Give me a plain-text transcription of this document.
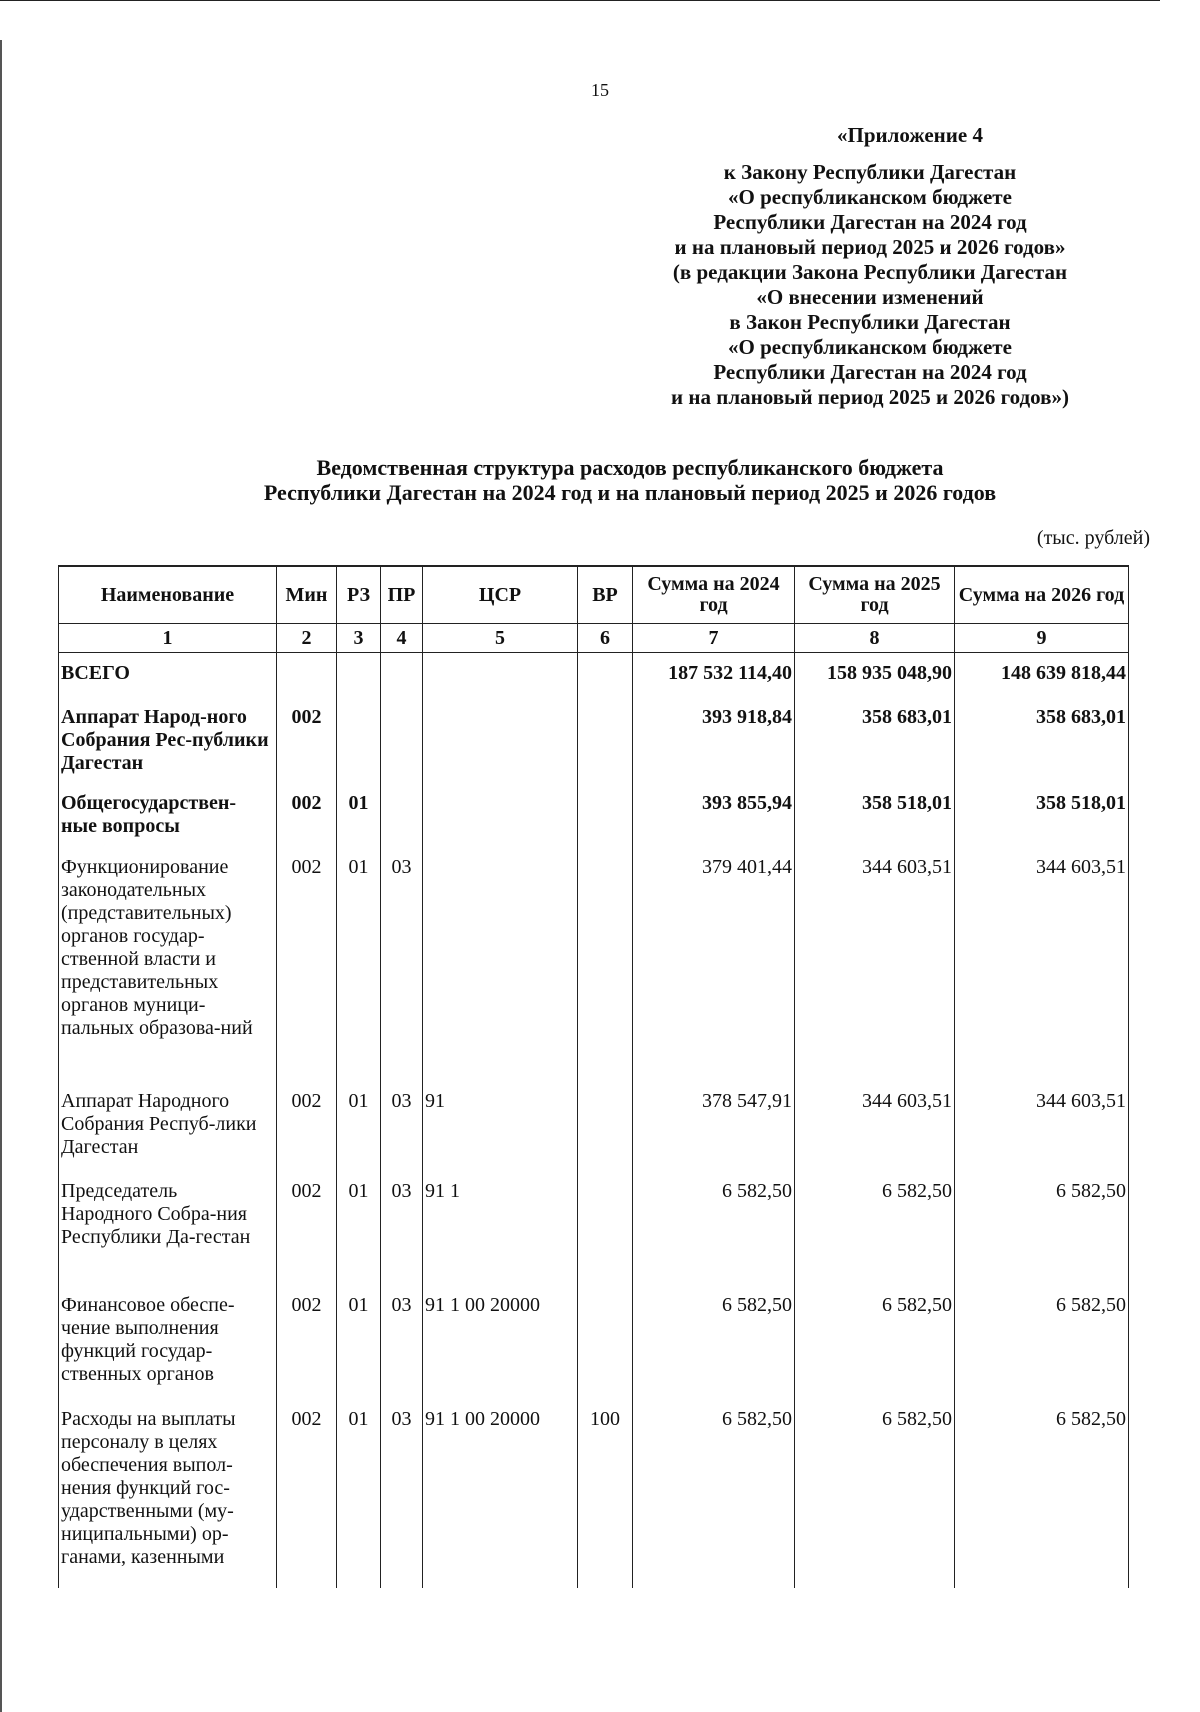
15
«Приложение 4
к Закону Республики Дагестан
«О республиканском бюджете
Республики Дагестан на 2024 год
и на плановый период 2025 и 2026 годов»
(в редакции Закона Республики Дагестан
«О внесении изменений
в Закон Республики Дагестан
«О республиканском бюджете
Республики Дагестан на 2024 год
и на плановый период 2025 и 2026 годов»)
Ведомственная структура расходов республиканского бюджета
Республики Дагестан на 2024 год и на плановый период 2025 и 2026 годов
(тыс. рублей)
Наименование	Мин	РЗ	ПР	ЦСР	ВР	Сумма на 2024 год	Сумма на 2025 год	Сумма на 2026 год
1	2	3	4	5	6	7	8	9
ВСЕГО						187 532 114,40	158 935 048,90	148 639 818,44
Аппарат Народ-ного Собрания Рес-публики Дагестан	002					393 918,84	358 683,01	358 683,01
Общегосударствен-ные вопросы	002	01				393 855,94	358 518,01	358 518,01
Функционирование законодательных (представительных) органов государ-ственной власти и представительных органов муници-пальных образова-ний	002	01	03			379 401,44	344 603,51	344 603,51
Аппарат Народного Собрания Респуб-лики Дагестан	002	01	03	91		378 547,91	344 603,51	344 603,51
Председатель Народного Собра-ния Республики Да-гестан	002	01	03	91 1		6 582,50	6 582,50	6 582,50
Финансовое обеспе-чение выполнения функций государ-ственных органов	002	01	03	91 1 00 20000		6 582,50	6 582,50	6 582,50
Расходы на выплаты персоналу в целях обеспечения выпол-нения функций гос-ударственными (му-ниципальными) ор-ганами, казенными	002	01	03	91 1 00 20000	100	6 582,50	6 582,50	6 582,50
